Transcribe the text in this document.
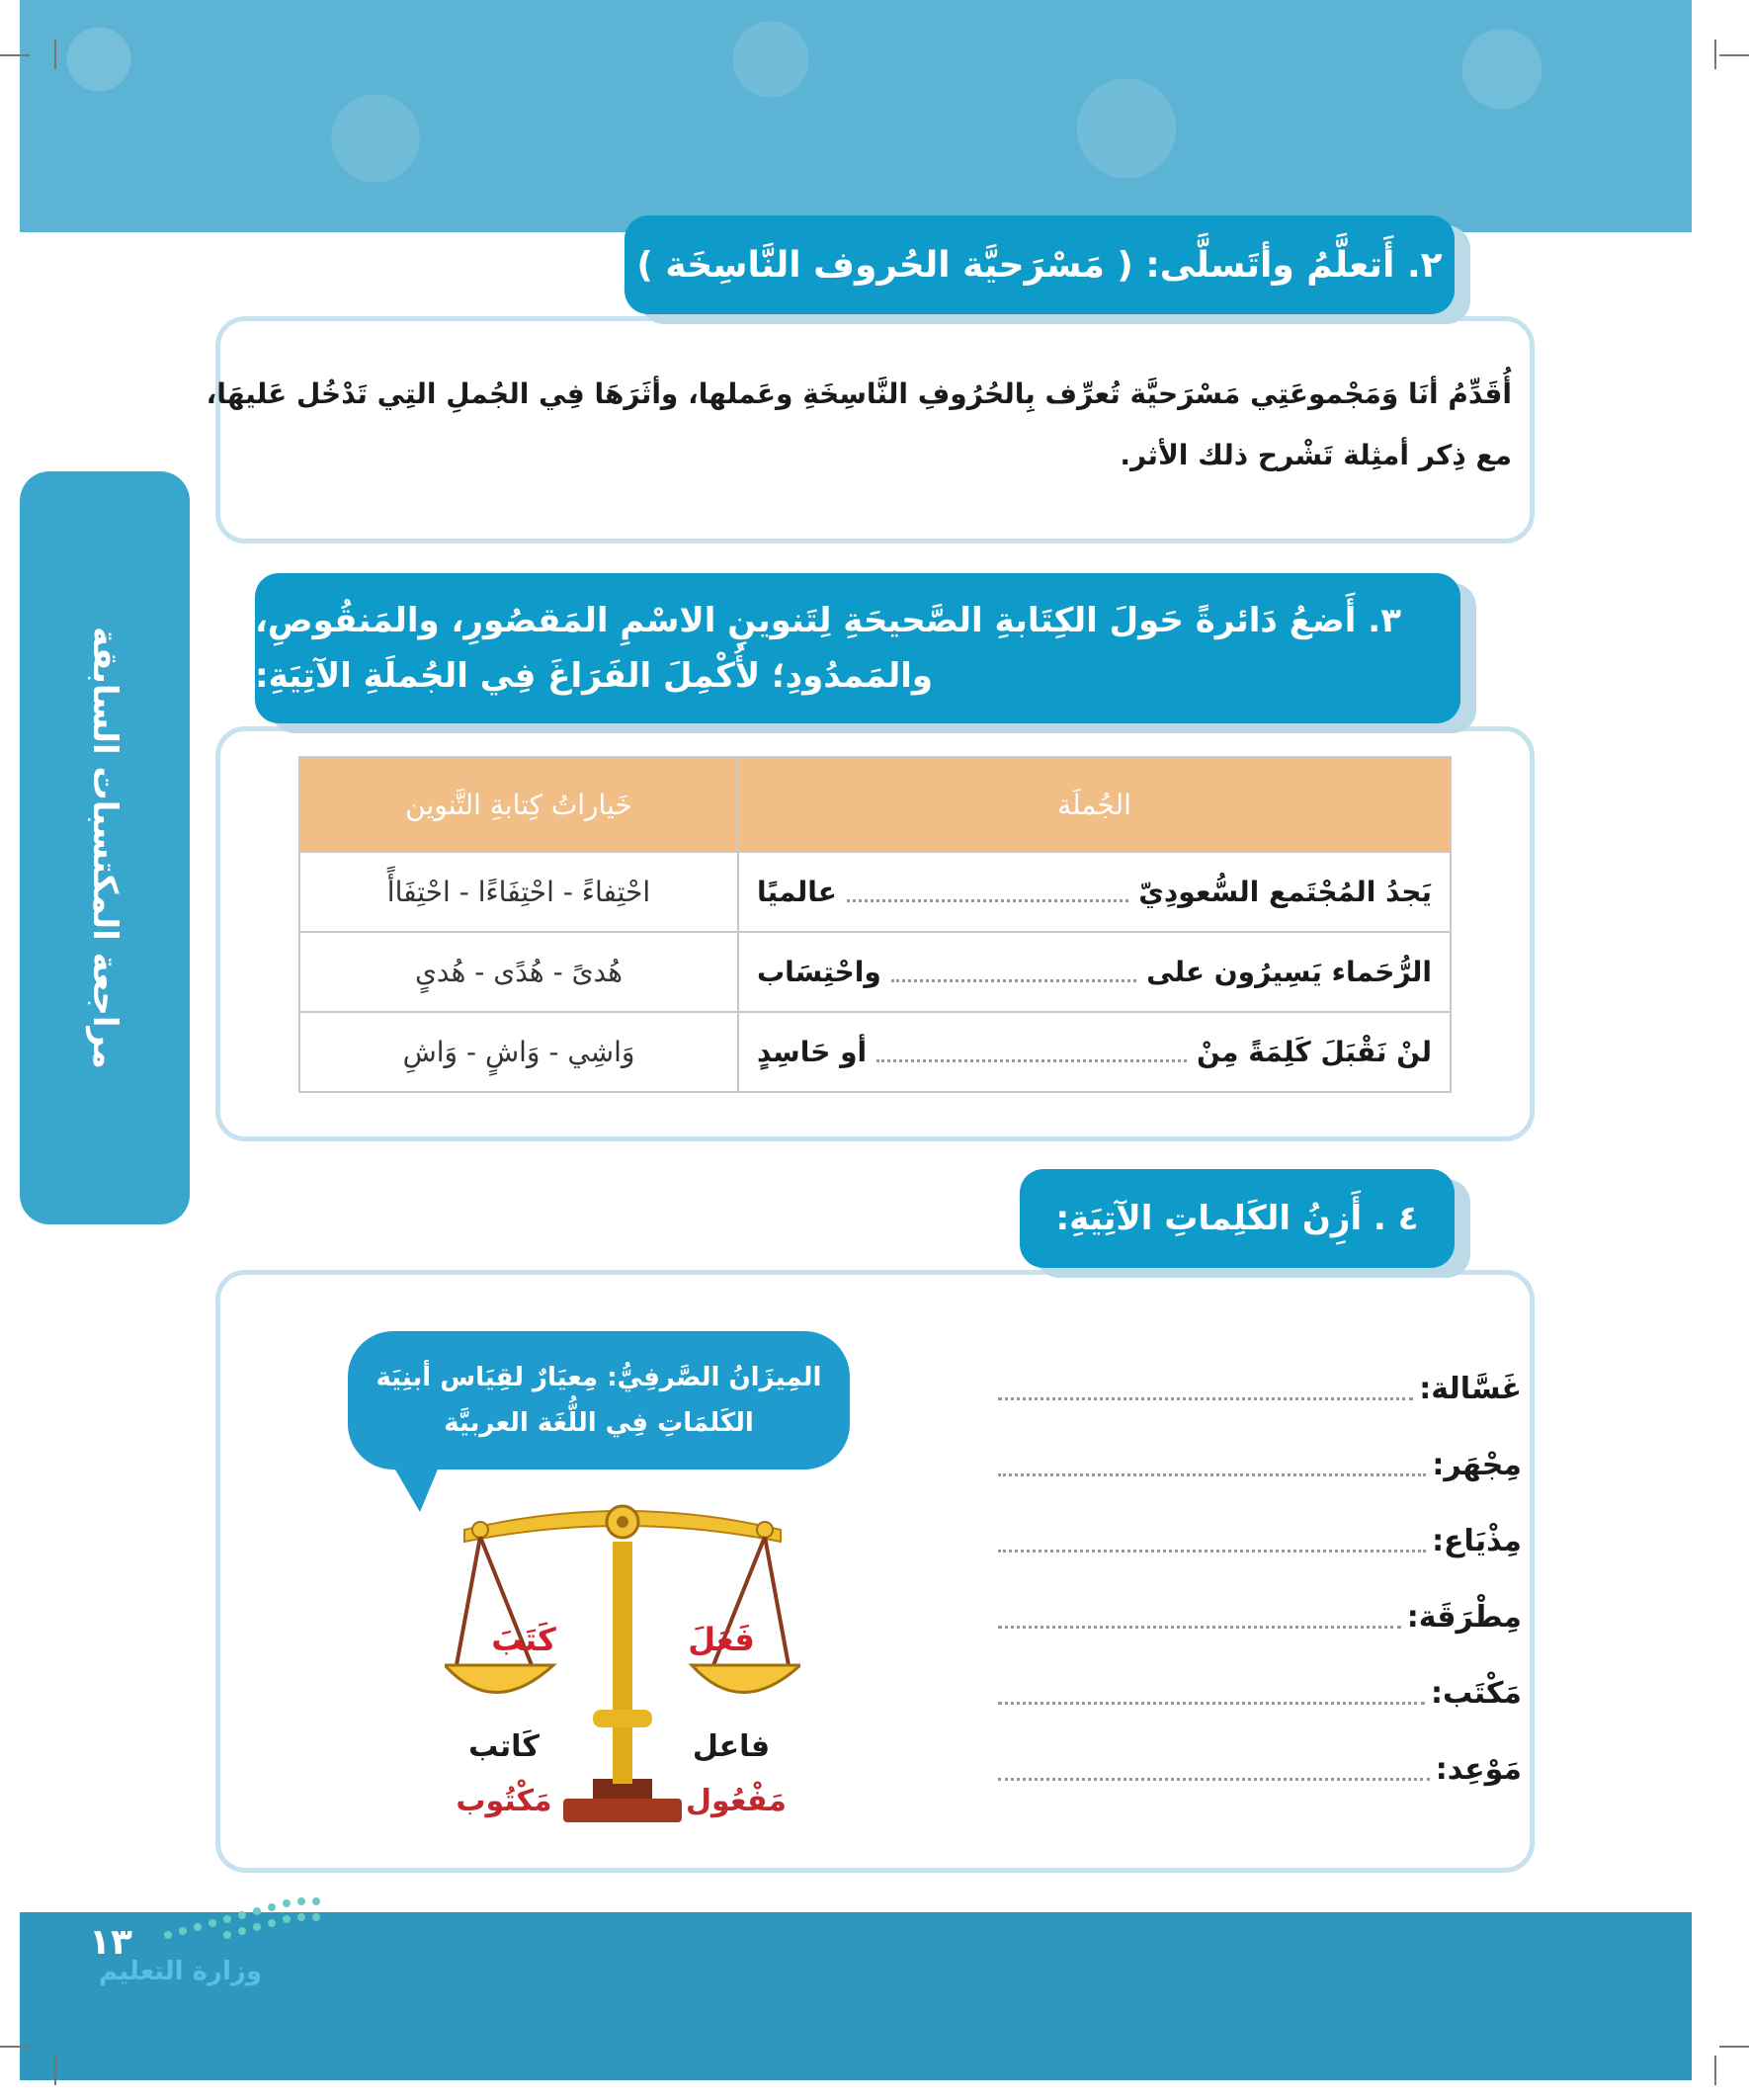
مراجعة المكتسبات السابقة
٢. أَتعلَّمُ وأتَسلَّى: ( مَسْرَحيَّة الحُروف النَّاسِخَة )
أُقَدِّمُ أنَا وَمَجْموعَتِي مَسْرَحيَّة تُعرِّف بِالحُرُوفِ النَّاسِخَةِ وعَملها، وأثَرَهَا فِي الجُملِ التِي تَدْخُل عَليهَا،
مع ذِكر أمثِلة تَشْرح ذلك الأثر.
٣. أَضعُ دَائرةً حَولَ الكِتَابةِ الصَّحيحَةِ لِتَنوينِ الاسْمِ المَقصُورِ، والمَنقُوصِ،
والمَمدُودِ؛ لأُكْمِلَ الفَرَاغَ فِي الجُملَةِ الآتِيَةِ:
الجُملَة	خَياراتُ كِتابةِ التَّنوين

يَجدُ المُجْتَمع السُّعودِيّ
عالميًا	احْتِفاءً - احْتِفَاءًا - احْتِفَاأً

الرُّحَماء يَسِيرُون على
واحْتِسَاب	هُدىً - هُدًى - هُدىٍ

لنْ نَقْبَلَ كَلِمَةً مِنْ
أو حَاسِدٍ	وَاشِي - وَاشٍ - وَاشِ
٤ . أَزِنُ الكَلِماتِ الآتِيَةِ:
المِيزَانُ الصَّرفِيُّ: مِعيَارٌ لقِيَاس أبنِيَة
الكَلمَاتِ فِي اللُّغَة العربيَّة
كَتَبَ	فَعَلَ
كَاتب
مَكْتُوب
فاعل
مَفْعُول
غَسَّالة:
مِجْهَر:
مِذْيَاع:
مِطْرَقَة:
مَكْتَب:
مَوْعِد:
وزارة التعليم
١٣
